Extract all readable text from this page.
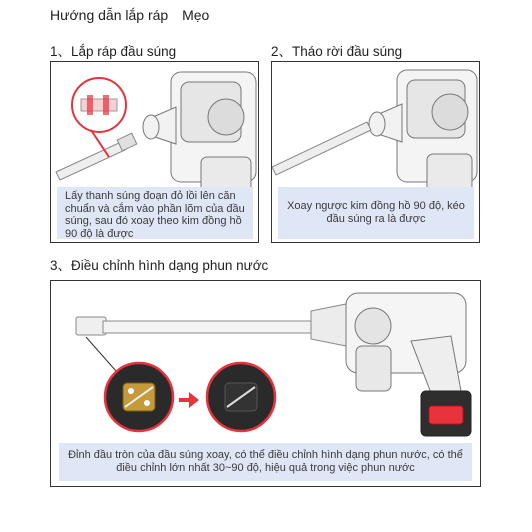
Hướng dẫn lắp ráp Mẹo
1、Lắp ráp đầu súng	2、Tháo rời đầu súng
Lấy thanh súng đoạn đỏ lồi lên căn
chuẩn và cắm vào phần lõm của đầu
súng, sau đó xoay theo kim đồng hồ
90 độ là được
Xoay ngược kim đồng hồ 90 độ, kéo
đầu súng ra là được
3、Điều chỉnh hình dạng phun nước
Đỉnh đầu tròn của đầu súng xoay, có thể điều chỉnh hình dạng phun nước, có thể
điều chỉnh lớn nhất 30~90 độ, hiệu quả trong việc phun nước
